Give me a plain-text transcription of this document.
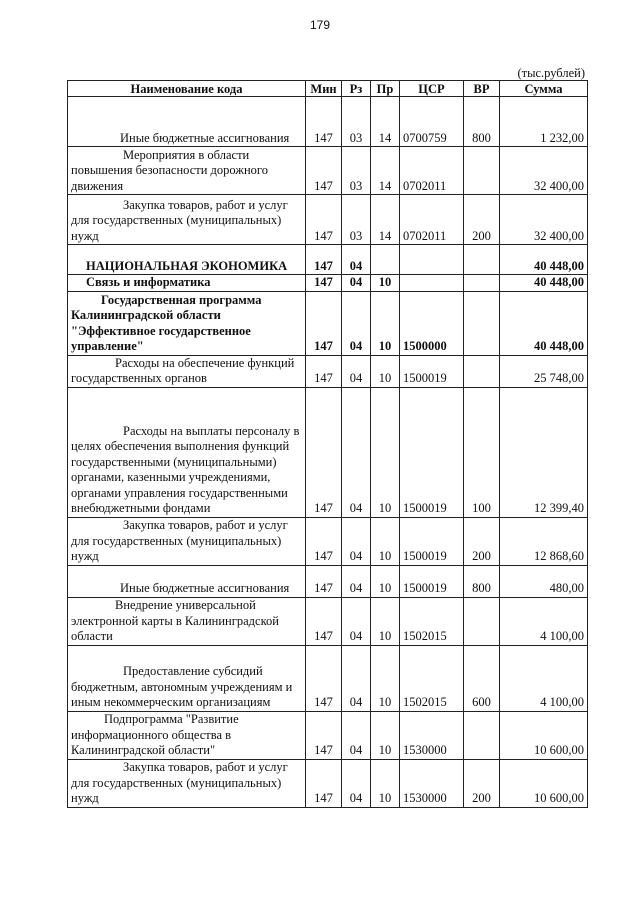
179
(тыс.рублей)
Наименование кода	Мин	Рз	Пр	ЦСР	ВР	Сумма
Иные бюджетные ассигнования	147	03	14	0700759	800	1 232,00

Мероприятия в области повышения безопасности дорожного движения	147	03	14	0702011		32 400,00

Закупка товаров, работ и услуг для государственных (муниципальных) нужд	147	03	14	0702011	200	32 400,00
НАЦИОНАЛЬНАЯ ЭКОНОМИКА	147	04				40 448,00
Связь и информатика	147	04	10			40 448,00

Государственная программа Калининградской области "Эффективное государственное управление"	147	04	10	1500000		40 448,00

Расходы на обеспечение функций государственных органов	147	04	10	1500019		25 748,00

Расходы на выплаты персоналу в целях обеспечения выполнения функций государственными (муниципальными) органами, казенными учреждениями, органами управления государственными внебюджетными фондами	147	04	10	1500019	100	12 399,40

Закупка товаров, работ и услуг для государственных (муниципальных) нужд	147	04	10	1500019	200	12 868,60
Иные бюджетные ассигнования	147	04	10	1500019	800	480,00

Внедрение универсальной электронной карты в Калининградской области	147	04	10	1502015		4 100,00

Предоставление субсидий бюджетным, автономным учреждениям и иным некоммерческим организациям	147	04	10	1502015	600	4 100,00

Подпрограмма "Развитие информационного общества в Калининградской области"	147	04	10	1530000		10 600,00

Закупка товаров, работ и услуг для государственных (муниципальных) нужд	147	04	10	1530000	200	10 600,00
